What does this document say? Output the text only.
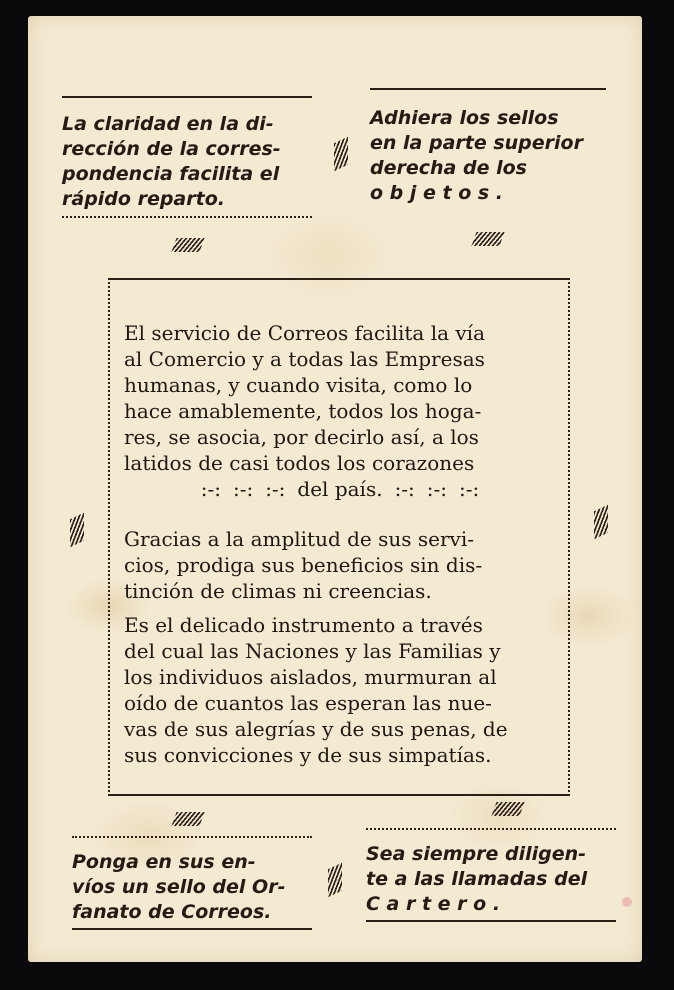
La claridad en la di-

rección de la corres-

pondencia facilita el

rápido reparto.

Adhiera los sellos

en la parte superior

derecha de los

o b j e t o s .

El servicio de Correos facilita la vía

al Comercio y a todas las Empresas

humanas, y cuando visita, como lo

hace amablemente, todos los hoga-

res, se asocia, por decirlo así, a los

latidos de casi todos los corazones

:-: :-: :-: del país. :-: :-: :-:

Gracias a la amplitud de sus servi-

cios, prodiga sus beneficios sin dis-

tinción de climas ni creencias.

Es el delicado instrumento a través

del cual las Naciones y las Familias y

los individuos aislados, murmuran al

oído de cuantos las esperan las nue-

vas de sus alegrías y de sus penas, de

sus convicciones y de sus simpatías.

Ponga en sus en-

víos un sello del Or-

fanato de Correos.

Sea siempre diligen-

te a las llamadas del

C a r t e r o .
